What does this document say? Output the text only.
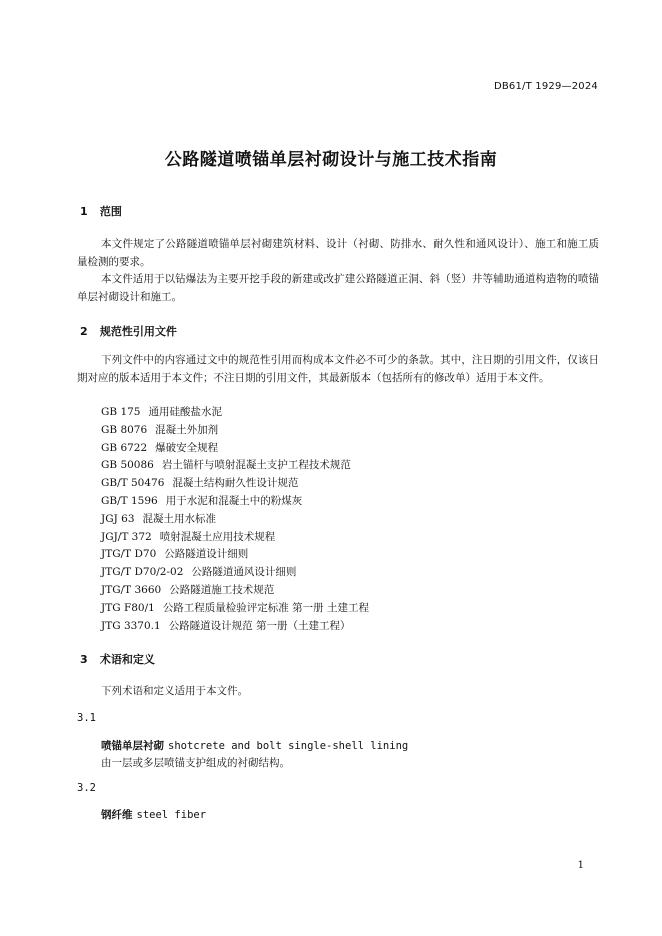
DB61/T 1929—2024
公路隧道喷锚单层衬砌设计与施工技术指南
1 范围
本文件规定了公路隧道喷锚单层衬砌建筑材料、设计（衬砌、防排水、耐久性和通风设计）、施工和施工质量检测的要求。
本文件适用于以钻爆法为主要开挖手段的新建或改扩建公路隧道正洞、斜（竖）井等辅助通道构造物的喷锚单层衬砌设计和施工。
2 规范性引用文件
下列文件中的内容通过文中的规范性引用而构成本文件必不可少的条款。其中，注日期的引用文件，仅该日期对应的版本适用于本文件；不注日期的引用文件，其最新版本（包括所有的修改单）适用于本文件。
GB 175 通用硅酸盐水泥
GB 8076 混凝土外加剂
GB 6722 爆破安全规程
GB 50086 岩土锚杆与喷射混凝土支护工程技术规范
GB/T 50476 混凝土结构耐久性设计规范
GB/T 1596 用于水泥和混凝土中的粉煤灰
JGJ 63 混凝土用水标准
JGJ/T 372 喷射混凝土应用技术规程
JTG/T D70 公路隧道设计细则
JTG/T D70/2-02 公路隧道通风设计细则
JTG/T 3660 公路隧道施工技术规范
JTG F80/1 公路工程质量检验评定标准 第一册 土建工程
JTG 3370.1 公路隧道设计规范 第一册（土建工程）
3 术语和定义
下列术语和定义适用于本文件。
3.1
喷锚单层衬砌 shotcrete and bolt single-shell lining
由一层或多层喷锚支护组成的衬砌结构。
3.2
钢纤维 steel fiber
1
